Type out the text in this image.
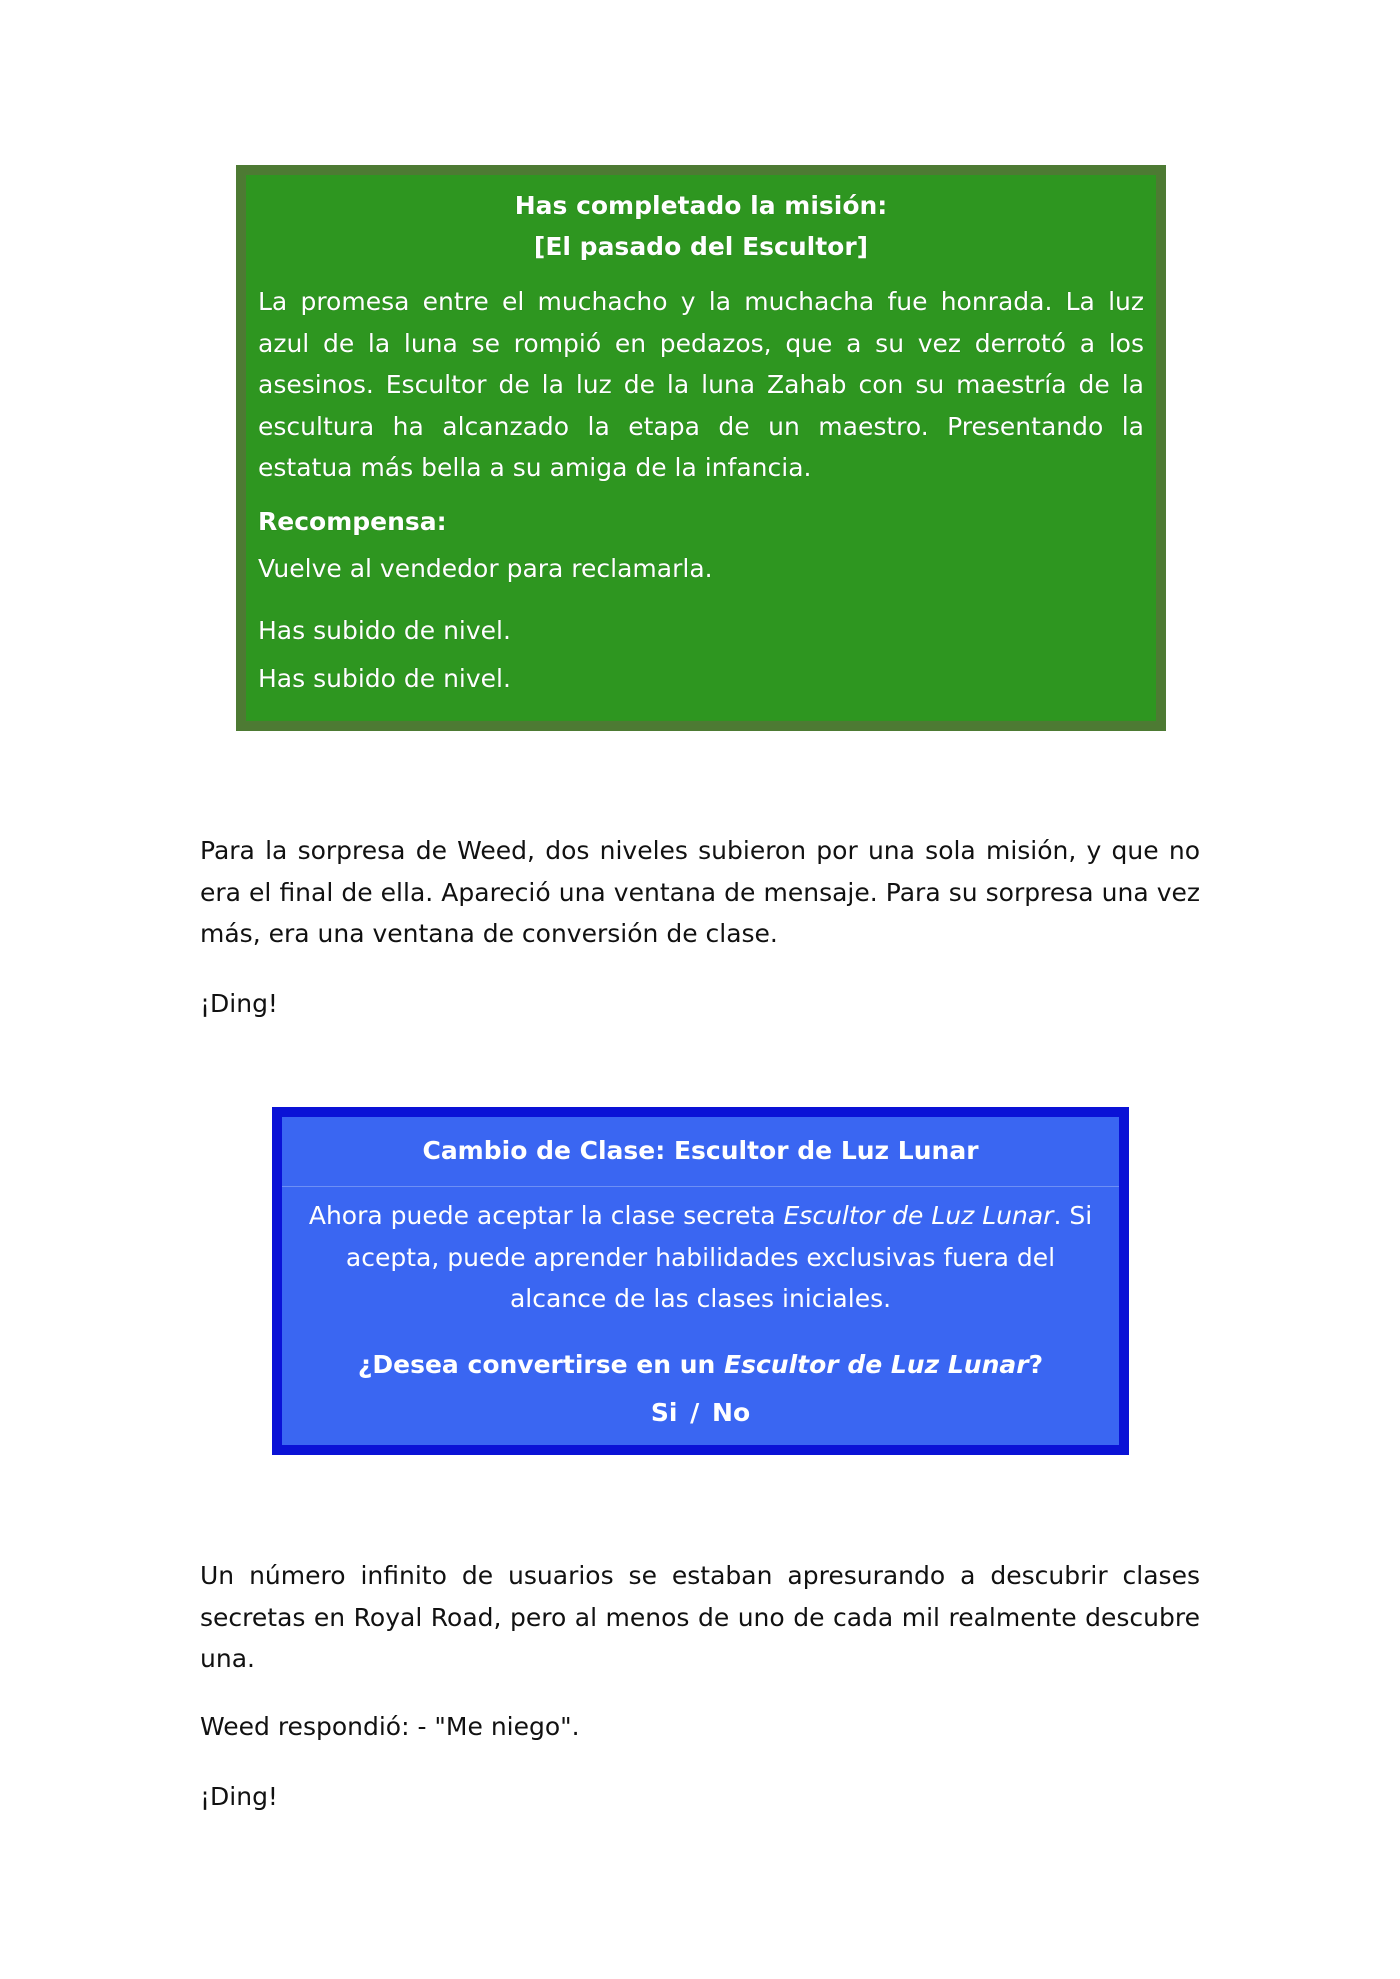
Has completado la misión:

[El pasado del Escultor]

La promesa entre el muchacho y la muchacha fue honrada. La luz azul de la luna se rompió en pedazos, que a su vez derrotó a los asesinos. Escultor de la luz de la luna Zahab con su maestría de la escultura ha alcanzado la etapa de un maestro. Presentando la estatua más bella a su amiga de la infancia.

Recompensa:

Vuelve al vendedor para reclamarla.

Has subido de nivel.

Has subido de nivel.

Para la sorpresa de Weed, dos niveles subieron por una sola misión, y que no era el final de ella. Apareció una ventana de mensaje. Para su sorpresa una vez más, era una ventana de conversión de clase.

¡Ding!

Cambio de Clase: Escultor de Luz Lunar

Ahora puede aceptar la clase secreta Escultor de Luz Lunar. Si acepta, puede aprender habilidades exclusivas fuera del alcance de las clases iniciales.

¿Desea convertirse en un Escultor de Luz Lunar?

Si / No

Un número infinito de usuarios se estaban apresurando a descubrir clases secretas en Royal Road, pero al menos de uno de cada mil realmente descubre una.

Weed respondió: - "Me niego".

¡Ding!
